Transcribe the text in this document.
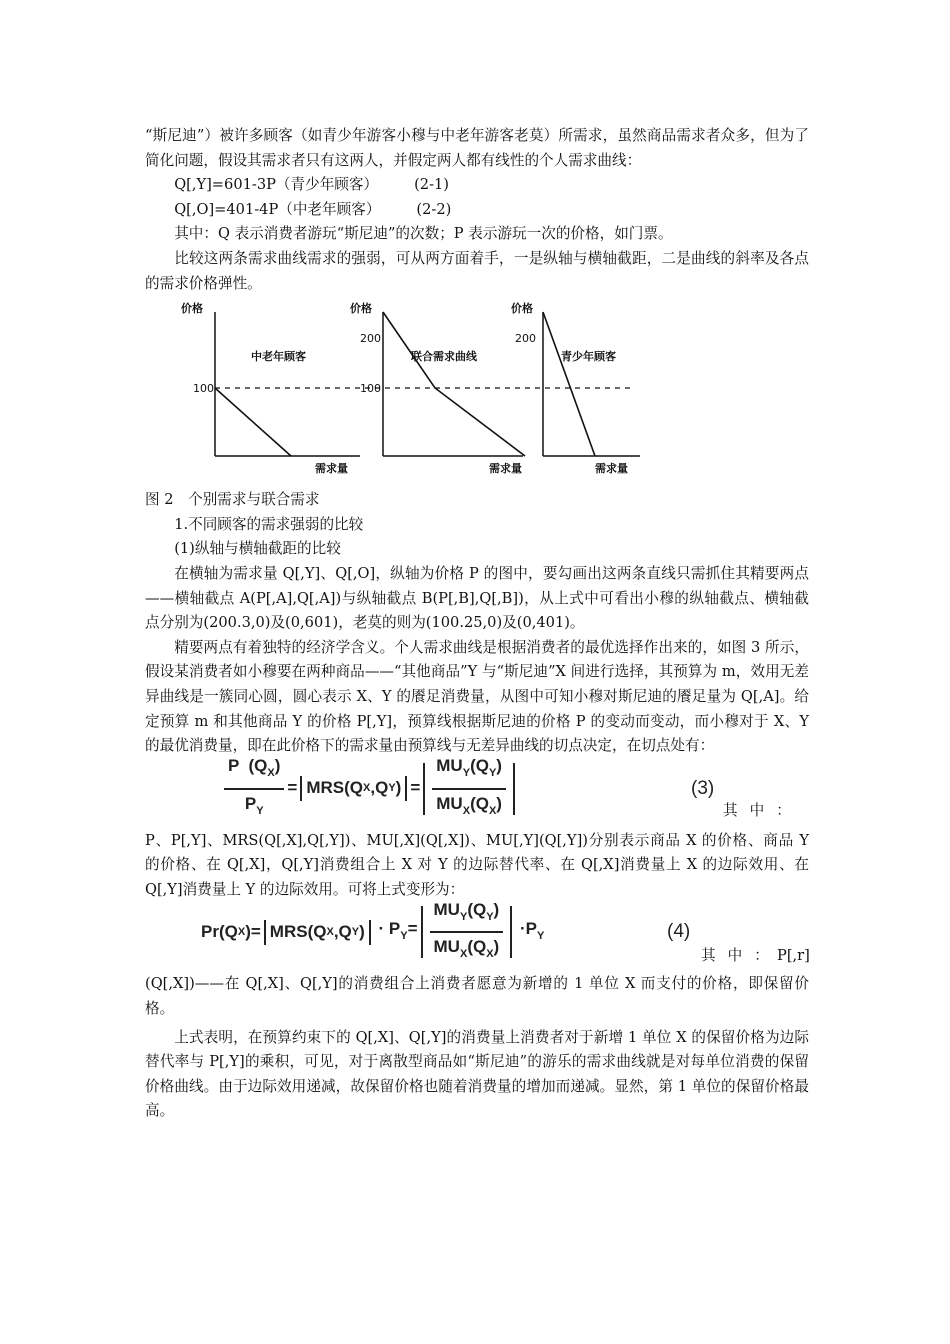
“斯尼迪”）被许多顾客（如青少年游客小穆与中老年游客老莫）所需求，虽然商品需求者众多，但为了简化问题，假设其需求者只有这两人，并假定两人都有线性的个人需求曲线：

Q[,Y]=601-3P（青少年顾客） (2-1)

Q[,O]=401-4P（中老年顾客） (2-2)

其中：Q 表示消费者游玩“斯尼迪”的次数；P 表示游玩一次的价格，如门票。

比较这两条需求曲线需求的强弱，可从两方面着手，一是纵轴与横轴截距，二是曲线的斜率及各点的需求价格弹性。

价格
100
中老年顾客
需求量
价格
200
100
联合需求曲线
需求量
价格
200
青少年顾客
需求量

图 2　个别需求与联合需求

1.不同顾客的需求强弱的比较

(1)纵轴与横轴截距的比较

在横轴为需求量 Q[,Y]、Q[,O]，纵轴为价格 P 的图中，要勾画出这两条直线只需抓住其精要两点——横轴截点 A(P[,A],Q[,A])与纵轴截点 B(P[,B],Q[,B])，从上式中可看出小穆的纵轴截点、横轴截点分别为(200.3,0)及(0,601)，老莫的则为(100.25,0)及(0,401)。

精要两点有着独特的经济学含义。个人需求曲线是根据消费者的最优选择作出来的，如图 3 所示，假设某消费者如小穆要在两种商品——“其他商品”Y 与“斯尼迪”X 间进行选择，其预算为 m，效用无差异曲线是一簇同心圆，圆心表示 X、Y 的餍足消费量，从图中可知小穆对斯尼迪的餍足量为 Q[,A]。给定预算 m 和其他商品 Y 的价格 P[,Y]，预算线根据斯尼迪的价格 P 的变动而变动，而小穆对于 X、Y 的最优消费量，即在此价格下的需求量由预算线与无差异曲线的切点决定，在切点处有：

$\frac{P (Q_X)}{P_Y} = MRS(Q$ X ,Q Y ) = $\frac{MU_Y(Q_Y)}{MU_X(Q_X)}$	(3)
其中：

P、P[,Y]、MRS(Q[,X],Q[,Y])、MU[,X](Q[,X])、MU[,Y](Q[,Y])分别表示商品 X 的价格、商品 Y 的价格、在 Q[,X]，Q[,Y]消费组合上 X 对 Y 的边际替代率、在 Q[,X]消费量上 X 的边际效用、在 Q[,Y]消费量上 Y 的边际效用。可将上式变形为：

Pr(Q X ) = MRS(Q X ,Q Y ) · $P_Y= \frac{MU_Y(Q_Y)}{MU_X(Q_X)} \cdot P_Y$	(4)
其中：
P[,r]

(Q[,X])——在 Q[,X]、Q[,Y]的消费组合上消费者愿意为新增的 1 单位 X 而支付的价格，即保留价格。

上式表明，在预算约束下的 Q[,X]、Q[,Y]的消费量上消费者对于新增 1 单位 X 的保留价格为边际替代率与 P[,Y]的乘积，可见，对于离散型商品如“斯尼迪”的游乐的需求曲线就是对每单位消费的保留价格曲线。由于边际效用递减，故保留价格也随着消费量的增加而递减。显然，第 1 单位的保留价格最高。
